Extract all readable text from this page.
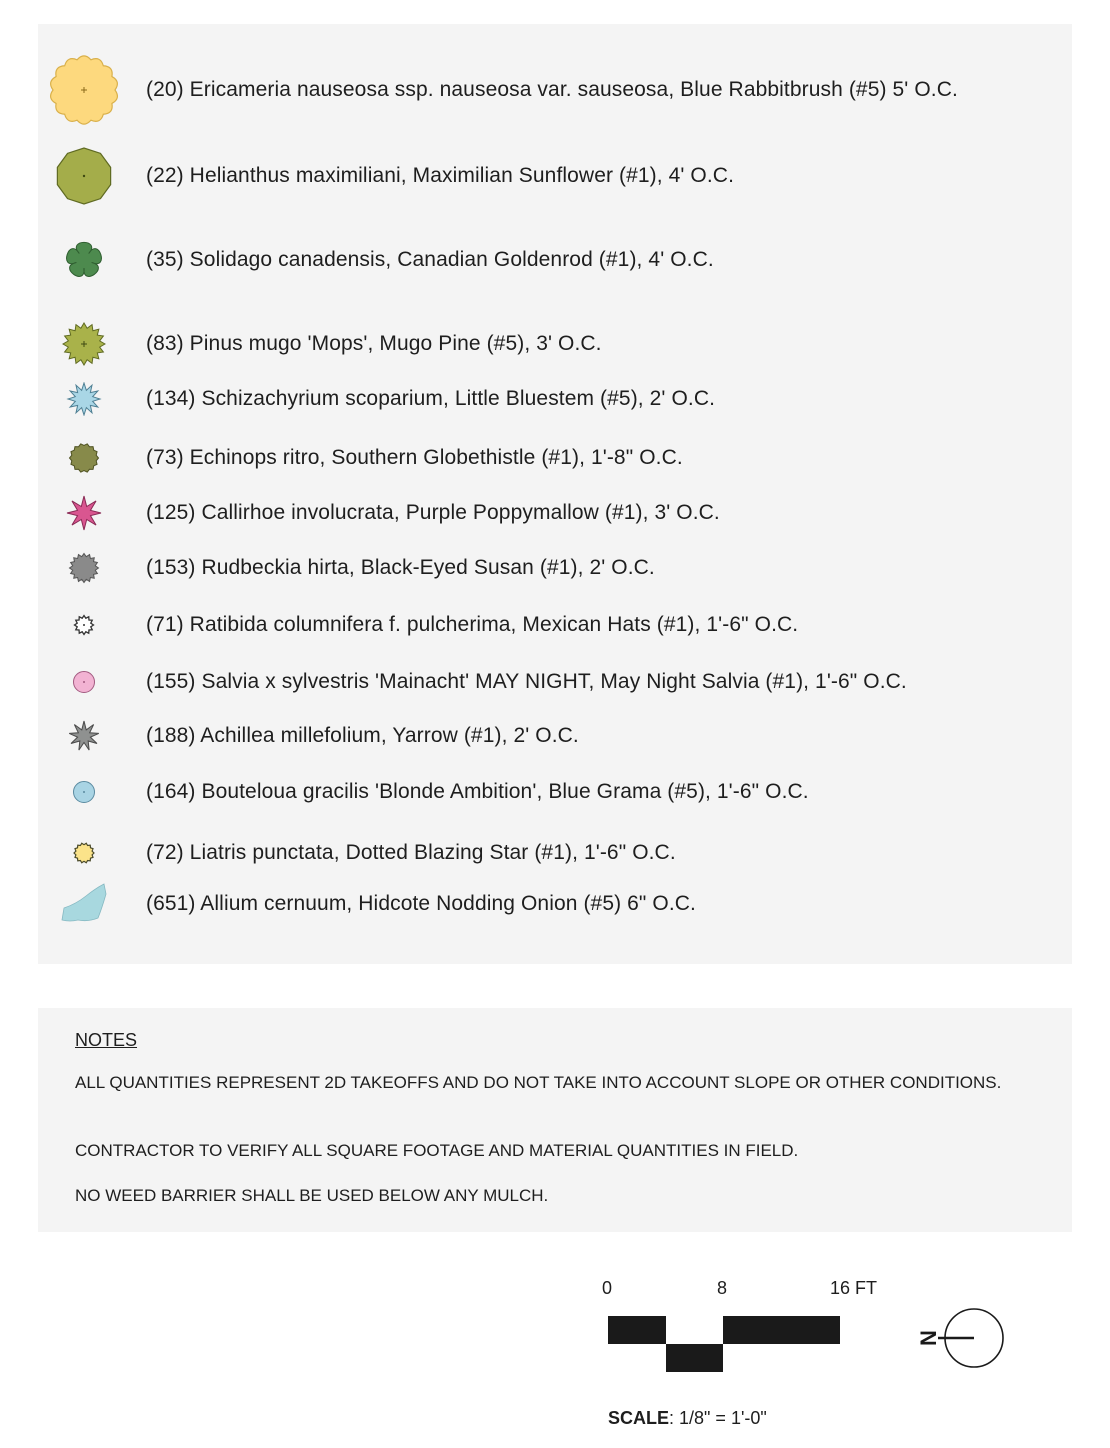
(20) Ericameria nauseosa ssp. nauseosa var. sauseosa, Blue Rabbitbrush (#5) 5' O.C.
(22) Helianthus maximiliani, Maximilian Sunflower (#1), 4' O.C.
(35) Solidago canadensis, Canadian Goldenrod (#1), 4' O.C.
(83) Pinus mugo 'Mops', Mugo Pine (#5), 3' O.C.
(134) Schizachyrium scoparium, Little Bluestem (#5), 2' O.C.
(73) Echinops ritro, Southern Globethistle (#1), 1'-8" O.C.
(125) Callirhoe involucrata, Purple Poppymallow (#1), 3' O.C.
(153) Rudbeckia hirta, Black-Eyed Susan (#1), 2' O.C.
(71) Ratibida columnifera f. pulcherima, Mexican Hats (#1), 1'-6" O.C.
(155) Salvia x sylvestris 'Mainacht' MAY NIGHT, May Night Salvia (#1), 1'-6" O.C.
(188) Achillea millefolium, Yarrow (#1), 2' O.C.
(164) Bouteloua gracilis 'Blonde Ambition', Blue Grama (#5), 1'-6" O.C.
(72) Liatris punctata, Dotted Blazing Star (#1), 1'-6" O.C.
(651) Allium cernuum, Hidcote Nodding Onion (#5) 6" O.C.
NOTES
ALL QUANTITIES REPRESENT 2D TAKEOFFS AND DO NOT TAKE INTO ACCOUNT SLOPE OR OTHER CONDITIONS.
CONTRACTOR TO VERIFY ALL SQUARE FOOTAGE AND MATERIAL QUANTITIES IN FIELD.
NO WEED BARRIER SHALL BE USED BELOW ANY MULCH.
0	8	16 FT
N
SCALE: 1/8" = 1'-0"
